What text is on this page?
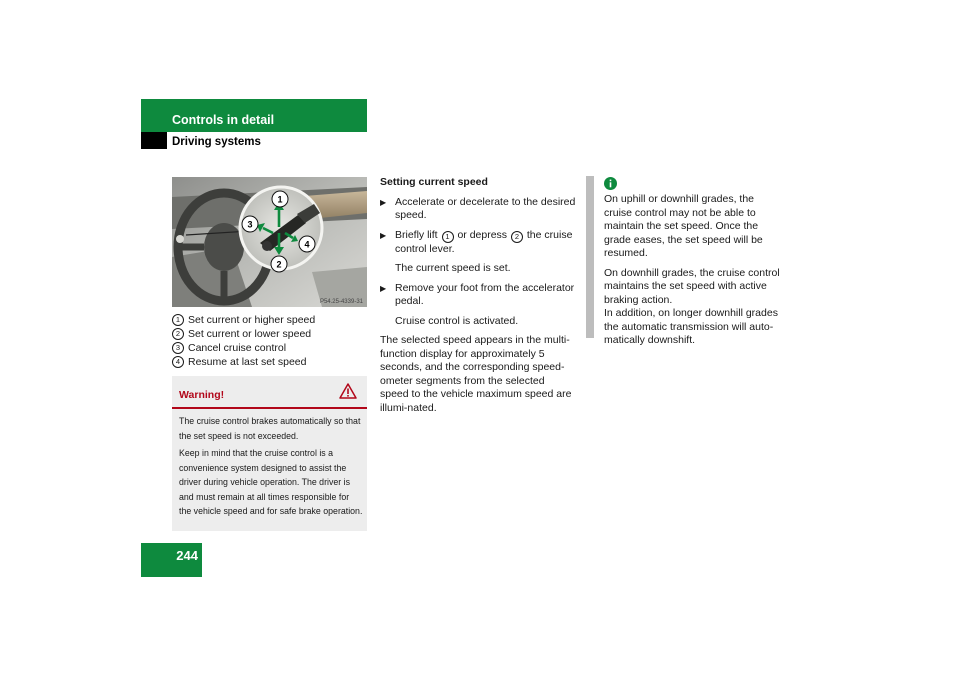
Controls in detail
Driving systems
1
2
3
4
P54.25-4339-31
1 Set current or higher speed
2 Set current or lower speed
3 Cancel cruise control
4 Resume at last set speed
Warning!

The cruise control brakes automatically so that the set speed is not exceeded.

Keep in mind that the cruise control is a convenience system designed to assist the driver during vehicle operation. The driver is and must remain at all times responsible for the vehicle speed and for safe brake operation.

Setting current speed

▶ Accelerate or decelerate to the desired speed.
▶ Briefly lift 1 or depress 2 the cruise control lever.

The current speed is set.

▶ Remove your foot from the accelerator pedal.

Cruise control is activated.

The selected speed appears in the multi-function display for approximately 5 seconds, and the corresponding speed-ometer segments from the selected speed to the vehicle maximum speed are illumi-nated.

On uphill or downhill grades, the cruise control may not be able to maintain the set speed. Once the grade eases, the set speed will be resumed.

On downhill grades, the cruise control maintains the set speed with active braking action.
In addition, on longer downhill grades the automatic transmission will auto-matically downshift.

244
